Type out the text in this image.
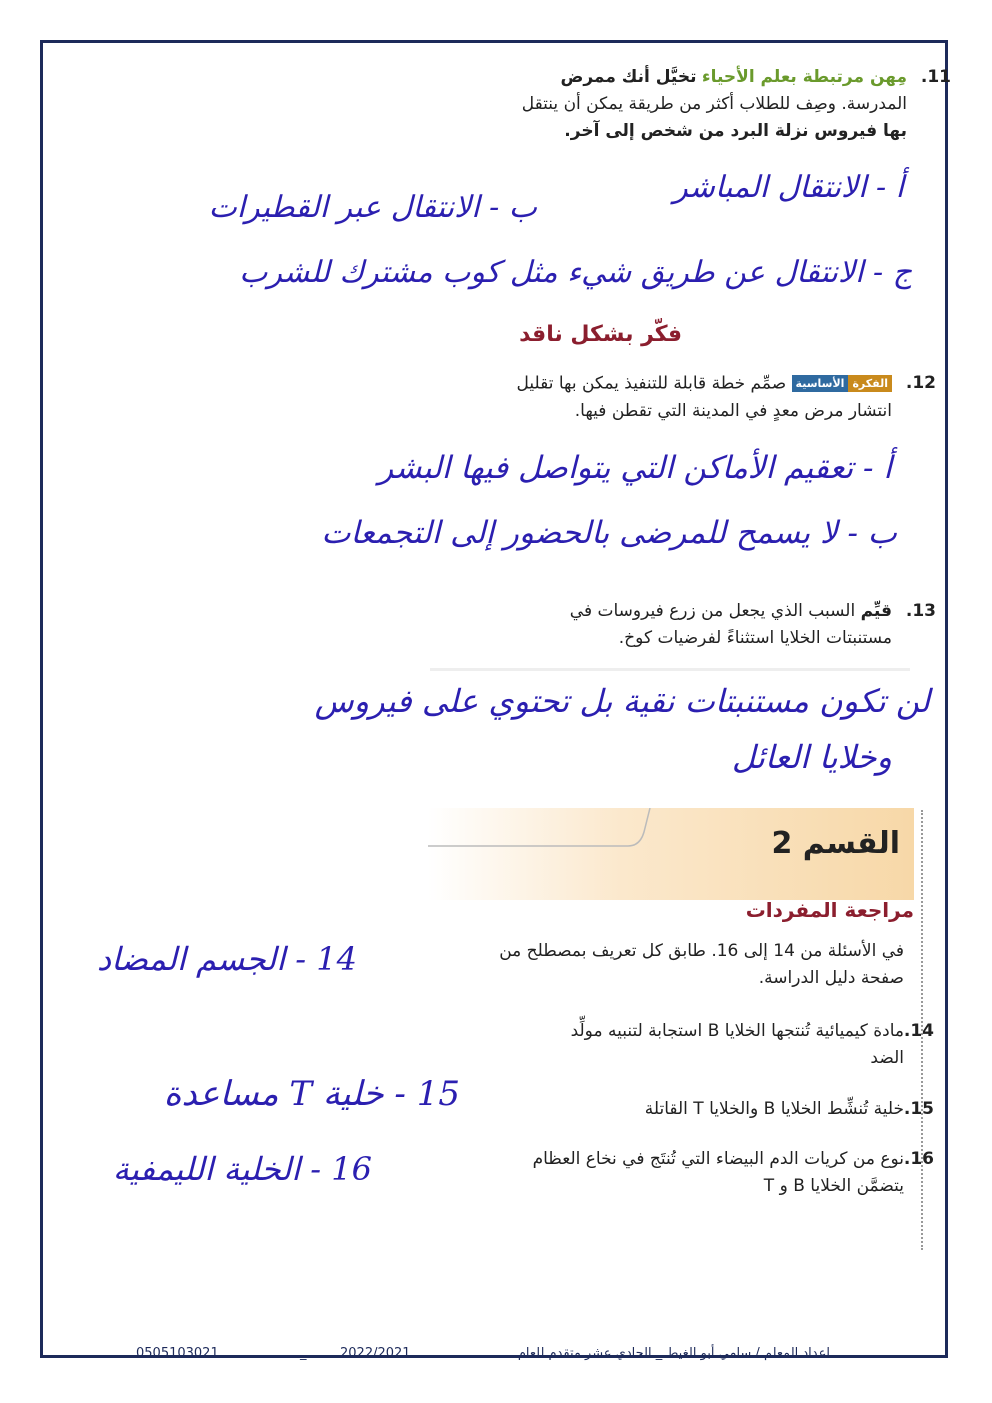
11.
مِهن مرتبطة بعلم الأحياء تخيَّل أنك ممرض
المدرسة. وصِف للطلاب أكثر من طريقة يمكن أن ينتقل
بها فيروس نزلة البرد من شخص إلى آخر.
أ - الانتقال المباشر
ب - الانتقال عبر القطيرات
ج - الانتقال عن طريق شيء مثل كوب مشترك للشرب
فكّر بشكل ناقد
12.
الفكرةالأساسية صمِّم خطة قابلة للتنفيذ يمكن بها تقليل
انتشار مرض معدٍ في المدينة التي تقطن فيها.
أ - تعقيم الأماكن التي يتواصل فيها البشر
ب - لا يسمح للمرضى بالحضور إلى التجمعات
13.
قيِّم السبب الذي يجعل من زرع فيروسات في
مستنبتات الخلايا استثناءً لفرضيات كوخ.
لن تكون مستنبتات نقية بل تحتوي على فيروس
وخلايا العائل
القسم 2
مراجعة المفردات
في الأسئلة من 14 إلى 16. طابق كل تعريف بمصطلح من
صفحة دليل الدراسة.
14.
مادة كيميائية تُنتجها الخلايا B استجابة لتنبيه مولِّد
الضد
15.
خلية تُنشِّط الخلايا B والخلايا T القاتلة
16.
نوع من كريات الدم البيضاء التي تُنتَج في نخاع العظام
يتضمَّن الخلايا B و T
14 - الجسم المضاد
15 - خلية T مساعدة
16 - الخلية الليمفية
اعداد المعلم / سامي أبو الغيط _ الحادي عشر متقدم للعام
2022/2021
_
0505103021
